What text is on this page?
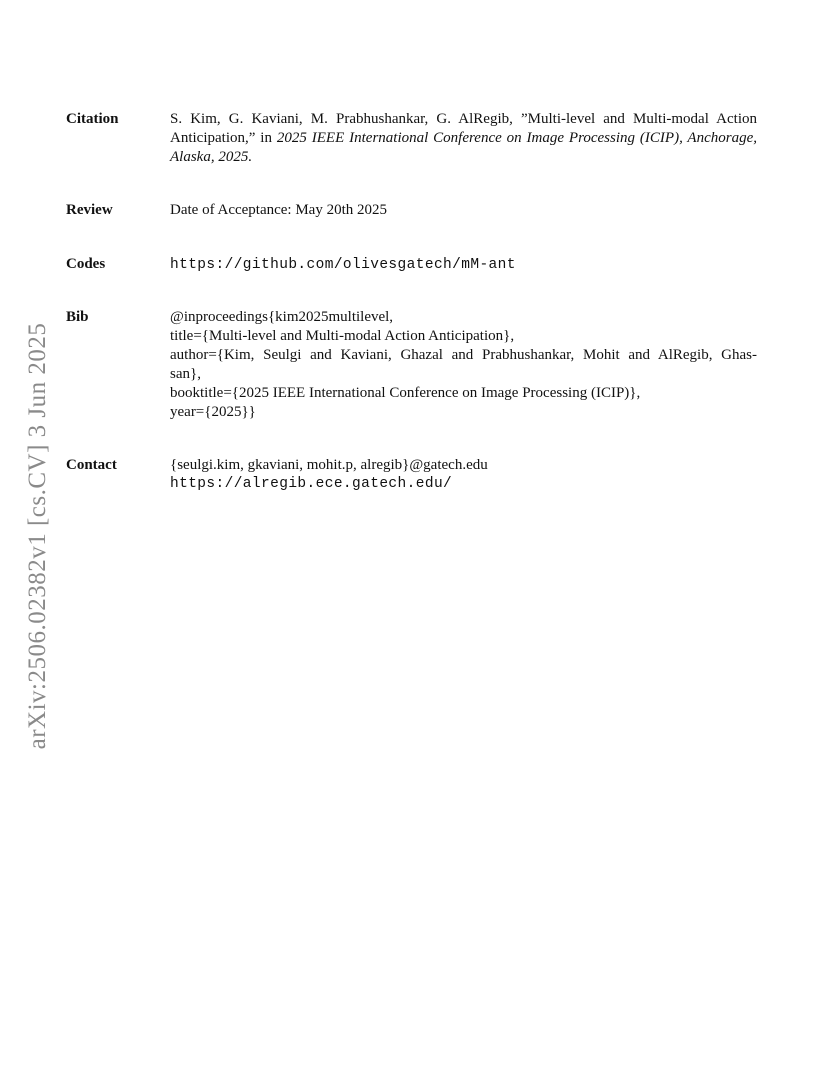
arXiv:2506.02382v1 [cs.CV] 3 Jun 2025
Citation	S. Kim, G. Kaviani, M. Prabhushankar, G. AlRegib, ”Multi-level and Multi-modal Action Anticipation,” in 2025 IEEE International Conference on Image Processing (ICIP), Anchorage, Alaska, 2025.
Review	Date of Acceptance: May 20th 2025
Codes	https://github.com/olivesgatech/mM-ant
Bib	@inproceedings{kim2025multilevel,
title={Multi-level and Multi-modal Action Anticipation},
author={Kim, Seulgi and Kaviani, Ghazal and Prabhushankar, Mohit and AlRegib, Ghas-
san},
booktitle={2025 IEEE International Conference on Image Processing (ICIP)},
year={2025}}
Contact	{seulgi.kim, gkaviani, mohit.p, alregib}@gatech.edu
https://alregib.ece.gatech.edu/
